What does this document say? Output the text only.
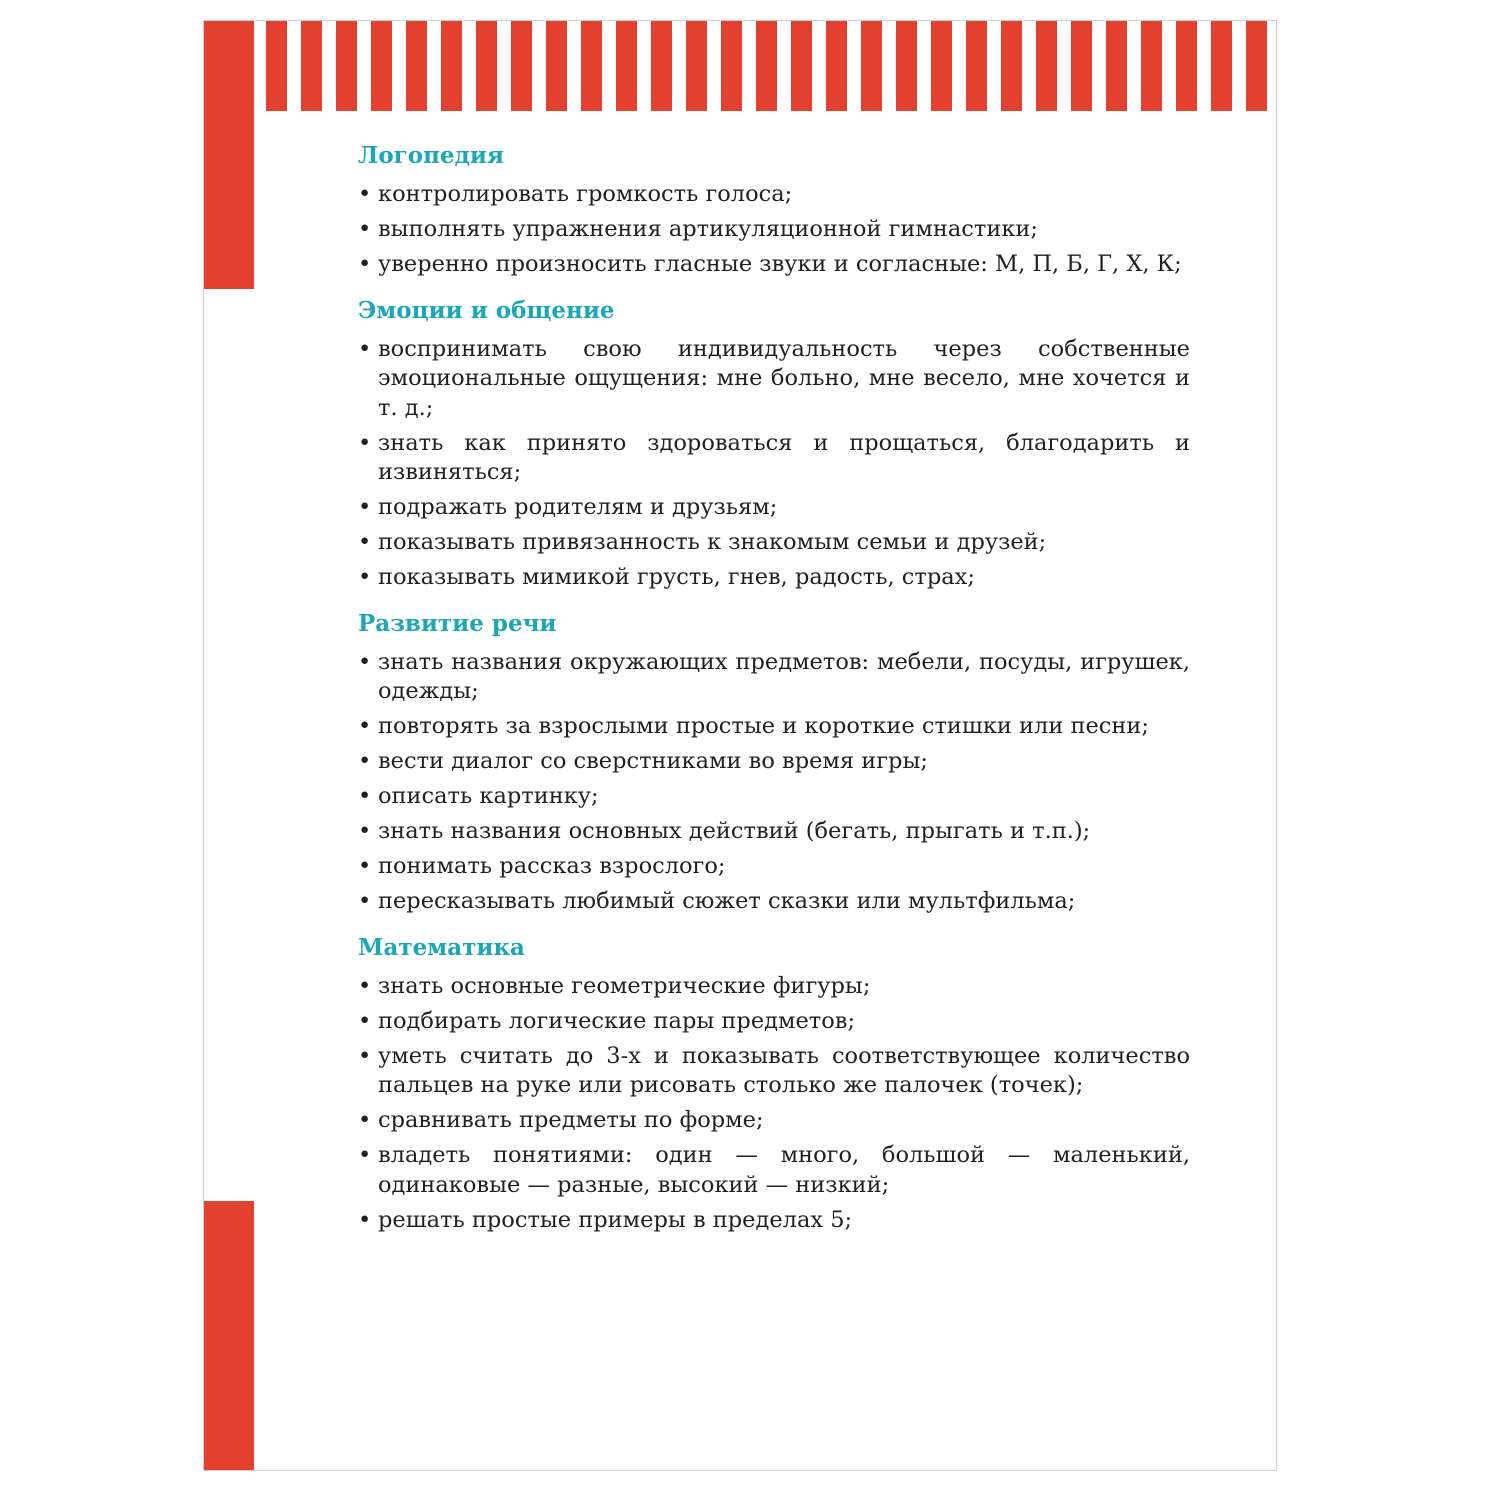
Логопедия
• контролировать громкость голоса;
• выполнять упражнения артикуляционной гимнастики;
• уверенно произносить гласные звуки и согласные: М, П, Б, Г, Х, К;
Эмоции и общение
• воспринимать свою индивидуальность через собственные эмоциональные ощущения: мне больно, мне весело, мне хочется и т. д.;
• знать как принято здороваться и прощаться, благодарить и извиняться;
• подражать родителям и друзьям;
• показывать привязанность к знакомым семьи и друзей;
• показывать мимикой грусть, гнев, радость, страх;
Развитие речи
• знать названия окружающих предметов: мебели, посуды, игрушек, одежды;
• повторять за взрослыми простые и короткие стишки или песни;
• вести диалог со сверстниками во время игры;
• описать картинку;
• знать названия основных действий (бегать, прыгать и т.п.);
• понимать рассказ взрослого;
• пересказывать любимый сюжет сказки или мультфильма;
Математика
• знать основные геометрические фигуры;
• подбирать логические пары предметов;
• уметь считать до 3-х и показывать соответствующее количество пальцев на руке или рисовать столько же палочек (точек);
• сравнивать предметы по форме;
• владеть понятиями: один — много, большой — маленький, одинаковые — разные, высокий — низкий;
• решать простые примеры в пределах 5;
